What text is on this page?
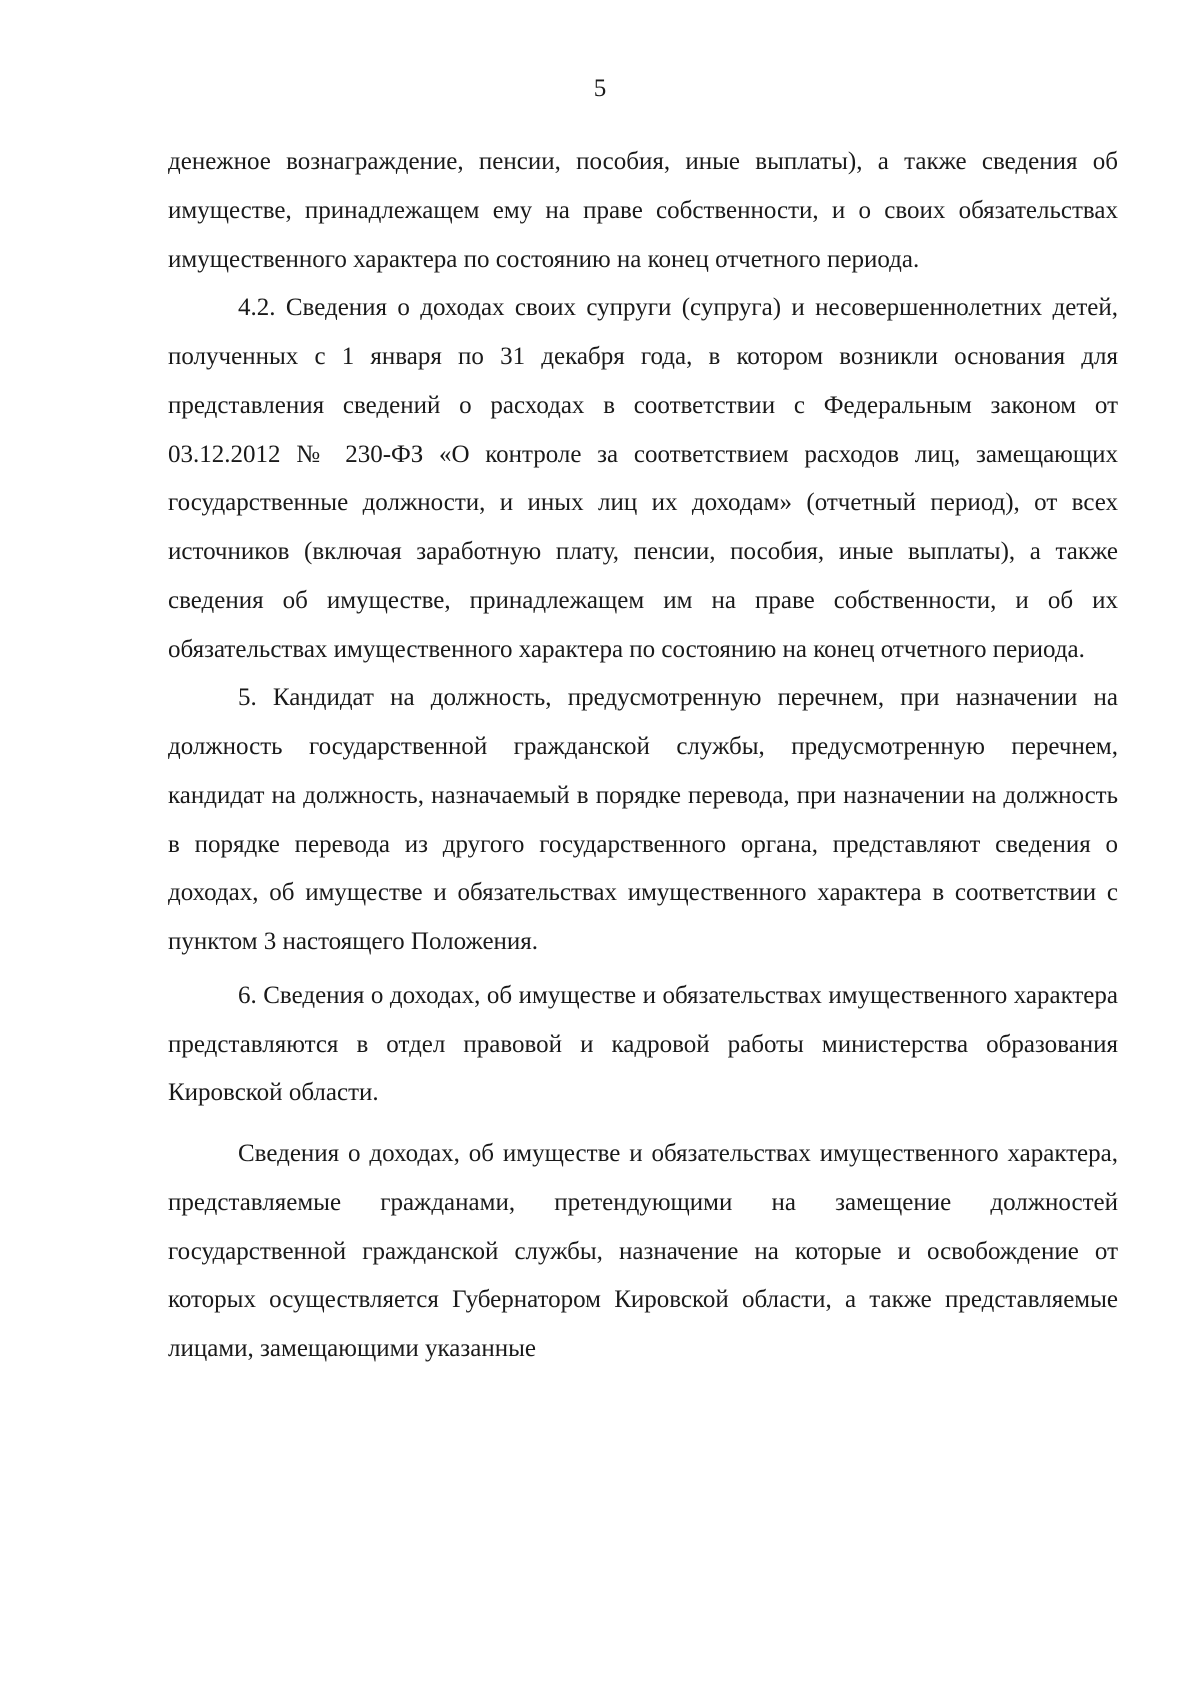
5

денежное вознаграждение, пенсии, пособия, иные выплаты), а также сведения об имуществе, принадлежащем ему на праве собственности, и о своих обязательствах имущественного характера по состоянию на конец отчетного периода.

4.2. Сведения о доходах своих супруги (супруга) и несовершеннолетних детей, полученных с 1 января по 31 декабря года, в котором возникли основания для представления сведений о расходах в соответствии с Федеральным законом от 03.12.2012 № 230-ФЗ «О контроле за соответствием расходов лиц, замещающих государственные должности, и иных лиц их доходам» (отчетный период), от всех источников (включая заработную плату, пенсии, пособия, иные выплаты), а также сведения об имуществе, принадлежащем им на праве собственности, и об их обязательствах имущественного характера по состоянию на конец отчетного периода.

5. Кандидат на должность, предусмотренную перечнем, при назначении на должность государственной гражданской службы, предусмотренную перечнем, кандидат на должность, назначаемый в порядке перевода, при назначении на должность в порядке перевода из другого государственного органа, представляют сведения о доходах, об имуществе и обязательствах имущественного характера в соответствии с пунктом 3 настоящего Положения.

6. Сведения о доходах, об имуществе и обязательствах имущественного характера представляются в отдел правовой и кадровой работы министерства образования Кировской области.

Сведения о доходах, об имуществе и обязательствах имущественного характера, представляемые гражданами, претендующими на замещение должностей государственной гражданской службы, назначение на которые и освобождение от которых осуществляется Губернатором Кировской области, а также представляемые лицами, замещающими указанные
